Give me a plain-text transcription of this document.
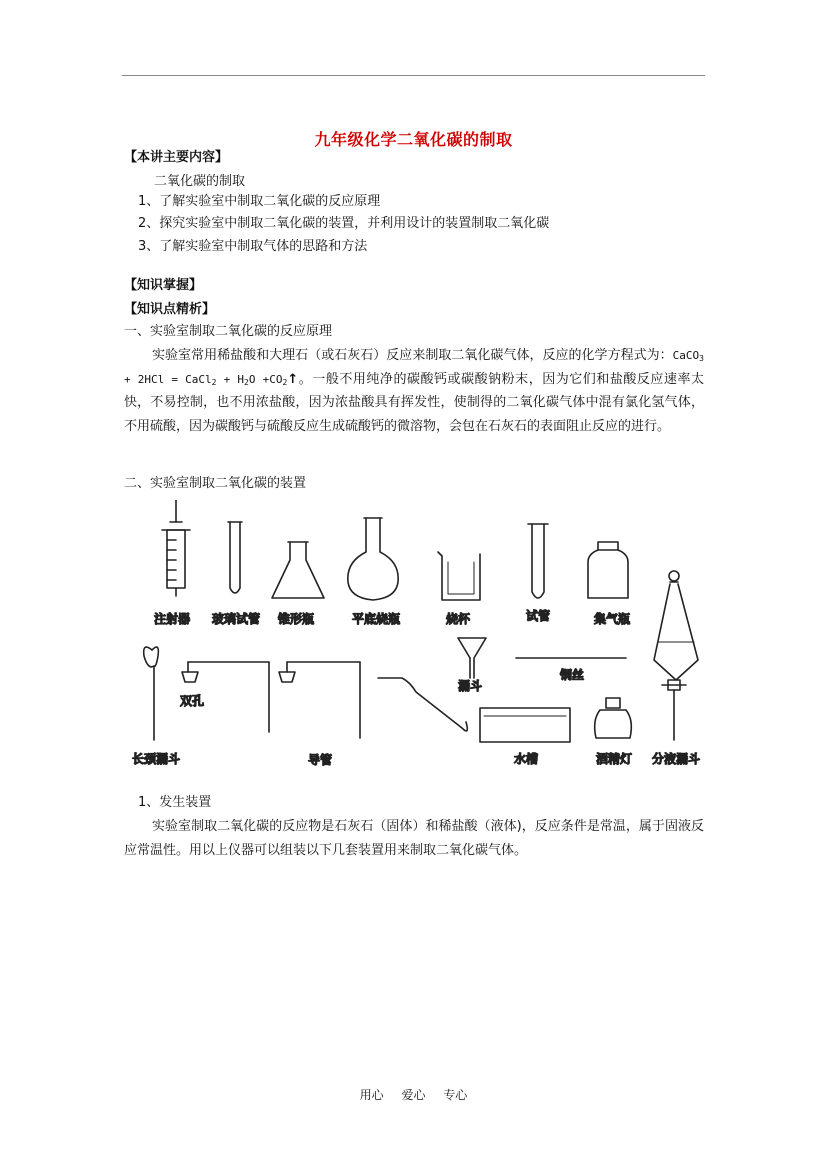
九年级化学二氧化碳的制取
【本讲主要内容】
二氧化碳的制取
1、了解实验室中制取二氧化碳的反应原理
2、探究实验室中制取二氧化碳的装置，并利用设计的装置制取二氧化碳
3、了解实验室中制取气体的思路和方法
【知识掌握】
【知识点精析】
一、实验室制取二氧化碳的反应原理

实验室常用稀盐酸和大理石（或石灰石）反应来制取二氧化碳气体，反应的化学方程式为：CaCO$_3$ + 2HCl = CaCl$_2$ + $H_2O$ $+CO_2↑$。一般不用纯净的碳酸钙或碳酸钠粉末，因为它们和盐酸反应速率太快，不易控制，也不用浓盐酸，因为浓盐酸具有挥发性，使制得的二氧化碳气体中混有氯化氢气体，不用硫酸，因为碳酸钙与硫酸反应生成硫酸钙的微溶物，会包在石灰石的表面阻止反应的进行。

二、实验室制取二氧化碳的装置
注射器 玻璃试管 锥形瓶	平底烧瓶	烧杯	试管	集气瓶
分液漏斗
长颈漏斗
双孔
导管
漏斗
铜丝
水槽	酒精灯
1、发生装置

实验室制取二氧化碳的反应物是石灰石（固体）和稀盐酸（液体)，反应条件是常温，属于固液反应常温性。用以上仪器可以组装以下几套装置用来制取二氧化碳气体。

用心 爱心 专心
